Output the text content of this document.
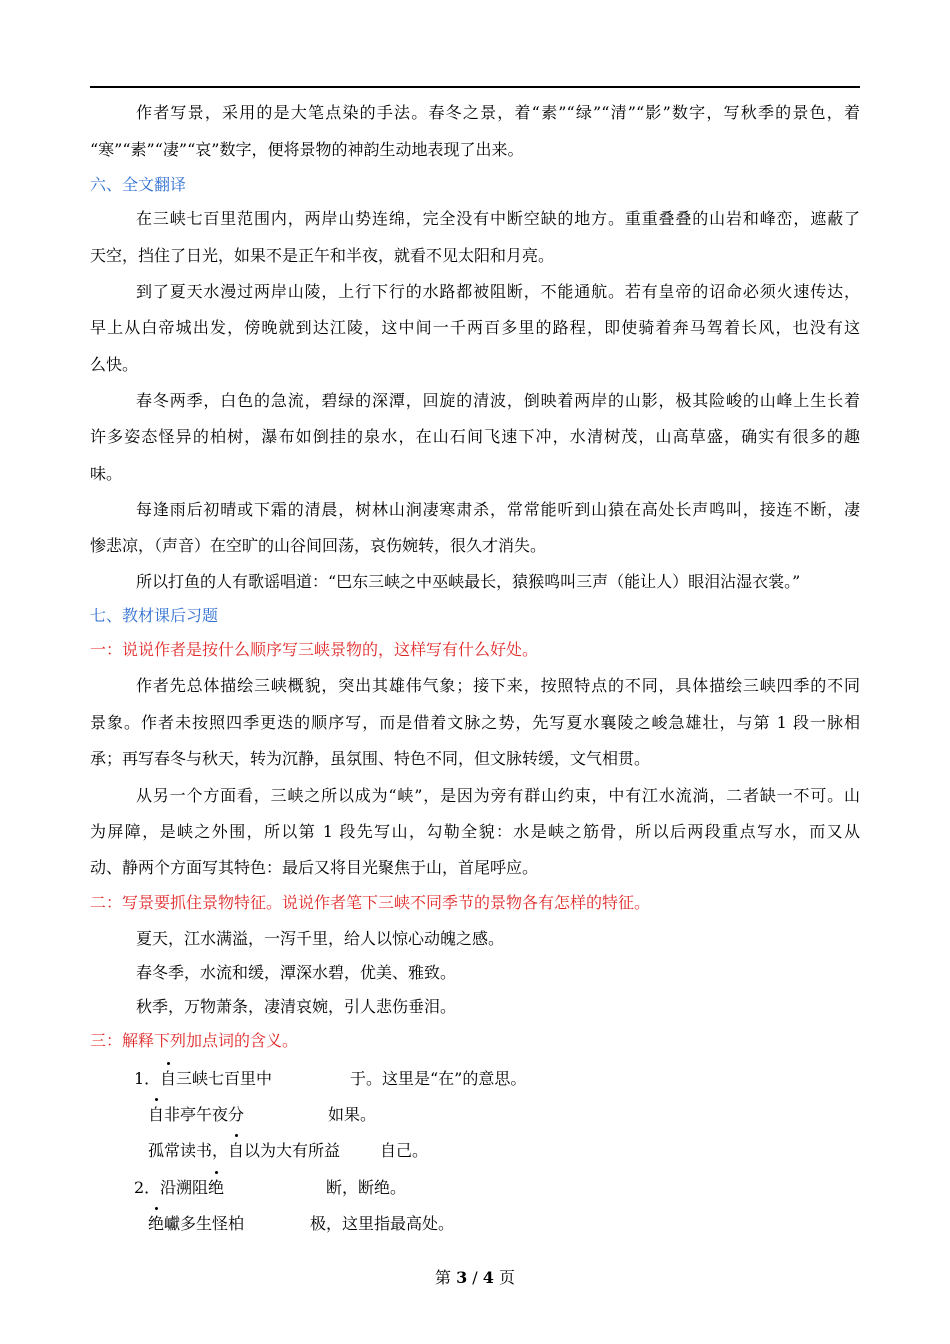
作者写景，采用的是大笔点染的手法。春冬之景，着“素”“绿”“清”“影”数字，写秋季的景色，着
“寒”“素”“凄”“哀”数字，便将景物的神韵生动地表现了出来。
六、全文翻译
在三峡七百里范围内，两岸山势连绵，完全没有中断空缺的地方。重重叠叠的山岩和峰峦，遮蔽了
天空，挡住了日光，如果不是正午和半夜，就看不见太阳和月亮。
到了夏天水漫过两岸山陵，上行下行的水路都被阻断，不能通航。若有皇帝的诏命必须火速传达，
早上从白帝城出发，傍晚就到达江陵，这中间一千两百多里的路程，即使骑着奔马驾着长风，也没有这
么快。
春冬两季，白色的急流，碧绿的深潭，回旋的清波，倒映着两岸的山影，极其险峻的山峰上生长着
许多姿态怪异的柏树，瀑布如倒挂的泉水，在山石间飞速下冲，水清树茂，山高草盛，确实有很多的趣
味。
每逢雨后初晴或下霜的清晨，树林山涧凄寒肃杀，常常能听到山猿在高处长声鸣叫，接连不断，凄
惨悲凉，（声音）在空旷的山谷间回荡，哀伤婉转，很久才消失。
所以打鱼的人有歌谣唱道：“巴东三峡之中巫峡最长，猿猴鸣叫三声（能让人）眼泪沾湿衣裳。”
七、教材课后习题
一：说说作者是按什么顺序写三峡景物的，这样写有什么好处。
作者先总体描绘三峡概貌，突出其雄伟气象；接下来，按照特点的不同，具体描绘三峡四季的不同
景象。作者未按照四季更迭的顺序写，而是借着文脉之势，先写夏水襄陵之峻急雄壮，与第 1 段一脉相
承；再写春冬与秋天，转为沉静，虽氛围、特色不同，但文脉转缓，文气相贯。
从另一个方面看，三峡之所以成为“峡”，是因为旁有群山约束，中有江水流淌，二者缺一不可。山
为屏障，是峡之外围，所以第 1 段先写山，勾勒全貌：水是峡之筋骨，所以后两段重点写水，而又从
动、静两个方面写其特色：最后又将目光聚焦于山，首尾呼应。
二：写景要抓住景物特征。说说作者笔下三峡不同季节的景物各有怎样的特征。
夏天，江水满溢，一泻千里，给人以惊心动魄之感。
春冬季，水流和缓，潭深水碧，优美、雅致。
秋季，万物萧条，凄清哀婉，引人悲伤垂泪。
三：解释下列加点词的含义。
1． 自三峡七百里中	于。这里是“在”的意思。
自非亭午夜分	如果。
孤常读书，自以为大有所益 自己。
2． 沿溯阻绝	断，断绝。
绝巘多生怪柏	极，这里指最高处。
第 3 / 4 页
